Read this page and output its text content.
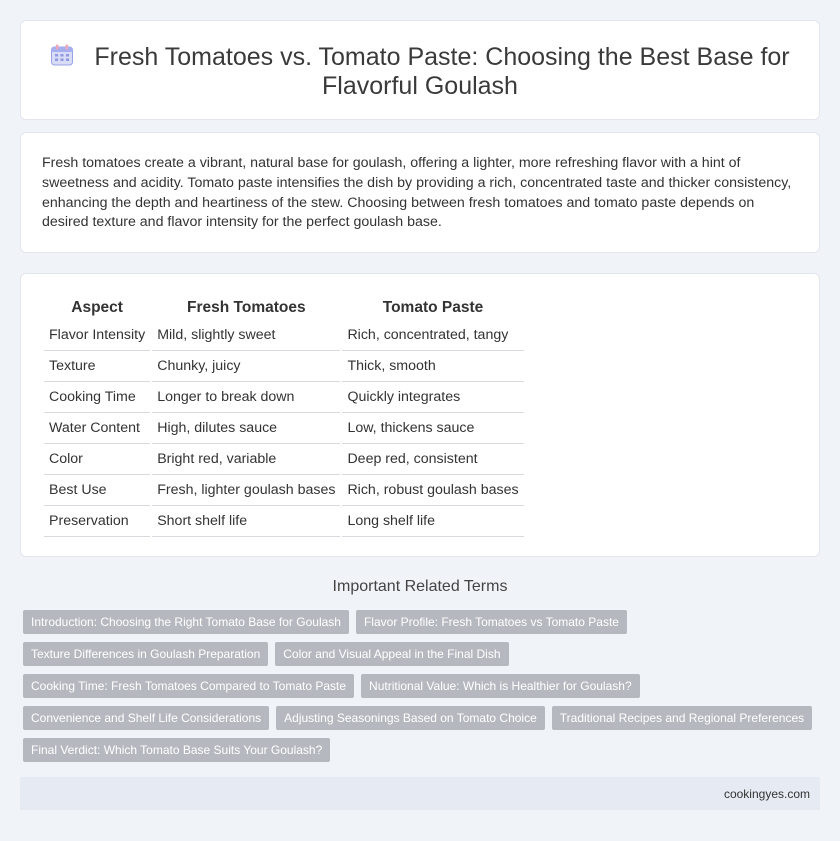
Fresh Tomatoes vs. Tomato Paste: Choosing the Best Base for
Flavorful Goulash

Fresh tomatoes create a vibrant, natural base for goulash, offering a lighter, more refreshing flavor with a hint of sweetness and acidity. Tomato paste intensifies the dish by providing a rich, concentrated taste and thicker consistency, enhancing the depth and heartiness of the stew. Choosing between fresh tomatoes and tomato paste depends on desired texture and flavor intensity for the perfect goulash base.

Aspect	Fresh Tomatoes	Tomato Paste
Flavor Intensity	Mild, slightly sweet	Rich, concentrated, tangy
Texture	Chunky, juicy	Thick, smooth
Cooking Time	Longer to break down	Quickly integrates
Water Content	High, dilutes sauce	Low, thickens sauce
Color	Bright red, variable	Deep red, consistent
Best Use	Fresh, lighter goulash bases	Rich, robust goulash bases
Preservation	Short shelf life	Long shelf life
Important Related Terms
Introduction: Choosing the Right Tomato Base for Goulash	Flavor Profile: Fresh Tomatoes vs Tomato Paste
Texture Differences in Goulash Preparation	Color and Visual Appeal in the Final Dish
Cooking Time: Fresh Tomatoes Compared to Tomato Paste	Nutritional Value: Which is Healthier for Goulash?
Convenience and Shelf Life Considerations	Adjusting Seasonings Based on Tomato Choice	Traditional Recipes and Regional Preferences
Final Verdict: Which Tomato Base Suits Your Goulash?
cookingyes.com
